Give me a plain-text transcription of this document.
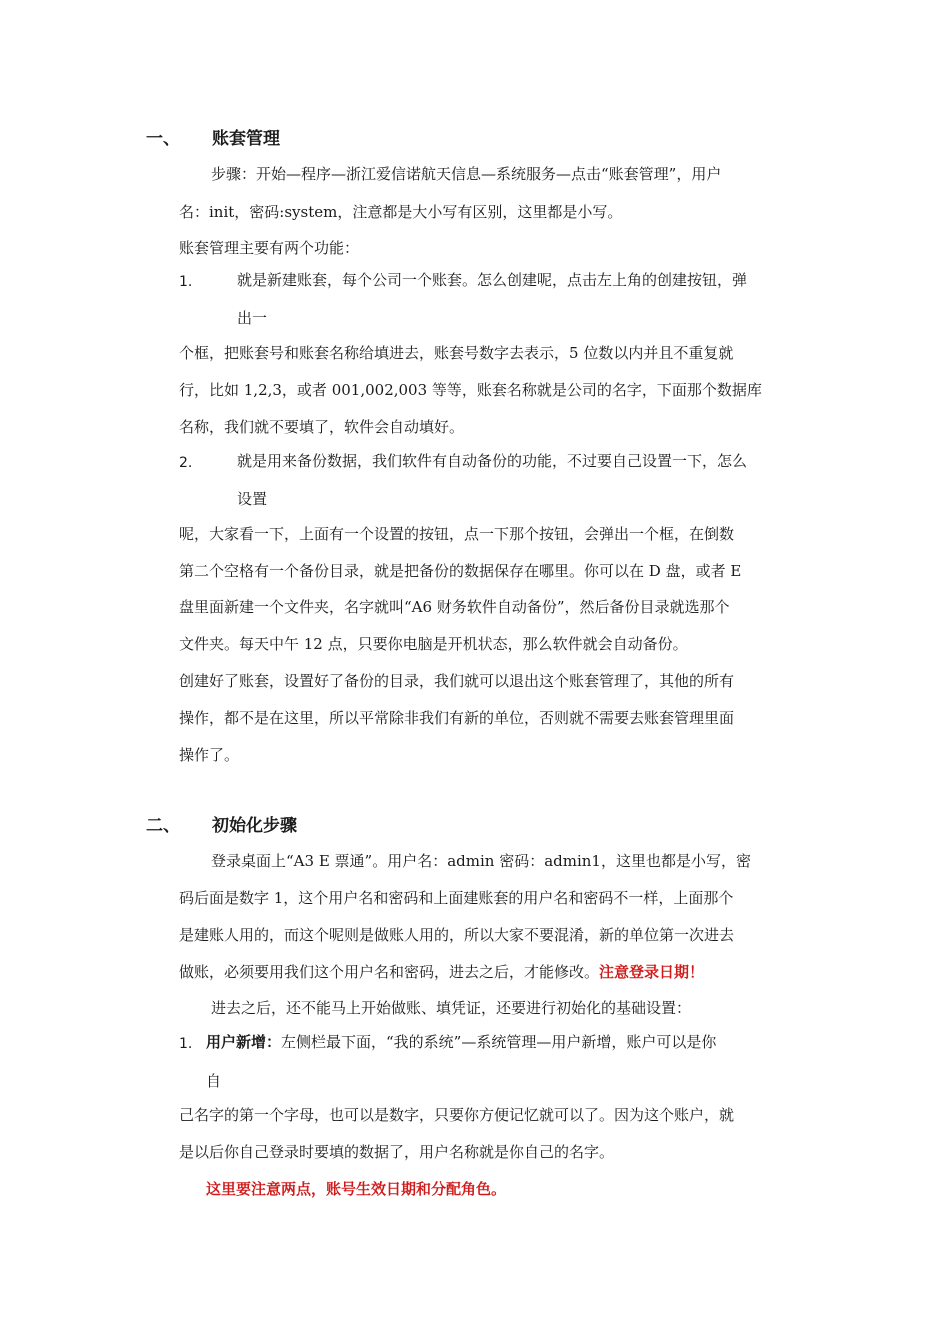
一、 账套管理
步骤：开始—程序—浙江爱信诺航天信息—系统服务—点击“账套管理”，用户
名：init，密码:system，注意都是大小写有区别，这里都是小写。
账套管理主要有两个功能：
1.	就是新建账套，每个公司一个账套。怎么创建呢，点击左上角的创建按钮，弹
出一
个框，把账套号和账套名称给填进去，账套号数字去表示，5 位数以内并且不重复就
行，比如 1,2,3，或者 001,002,003 等等，账套名称就是公司的名字，下面那个数据库
名称，我们就不要填了，软件会自动填好。
2.	就是用来备份数据，我们软件有自动备份的功能，不过要自己设置一下，怎么
设置
呢，大家看一下，上面有一个设置的按钮，点一下那个按钮，会弹出一个框，在倒数
第二个空格有一个备份目录，就是把备份的数据保存在哪里。你可以在 D 盘，或者 E
盘里面新建一个文件夹，名字就叫“A6 财务软件自动备份”，然后备份目录就选那个
文件夹。每天中午 12 点，只要你电脑是开机状态，那么软件就会自动备份。
创建好了账套，设置好了备份的目录，我们就可以退出这个账套管理了，其他的所有
操作，都不是在这里，所以平常除非我们有新的单位，否则就不需要去账套管理里面
操作了。
二、 初始化步骤
登录桌面上“A3 E 票通”。用户名：admin 密码：admin1，这里也都是小写，密
码后面是数字 1，这个用户名和密码和上面建账套的用户名和密码不一样，上面那个
是建账人用的，而这个呢则是做账人用的，所以大家不要混淆，新的单位第一次进去
做账，必须要用我们这个用户名和密码，进去之后，才能修改。注意登录日期！
进去之后，还不能马上开始做账、填凭证，还要进行初始化的基础设置：
1. 用户新增：左侧栏最下面，“我的系统”—系统管理—用户新增，账户可以是你
自
己名字的第一个字母，也可以是数字，只要你方便记忆就可以了。因为这个账户，就
是以后你自己登录时要填的数据了，用户名称就是你自己的名字。
这里要注意两点，账号生效日期和分配角色。
